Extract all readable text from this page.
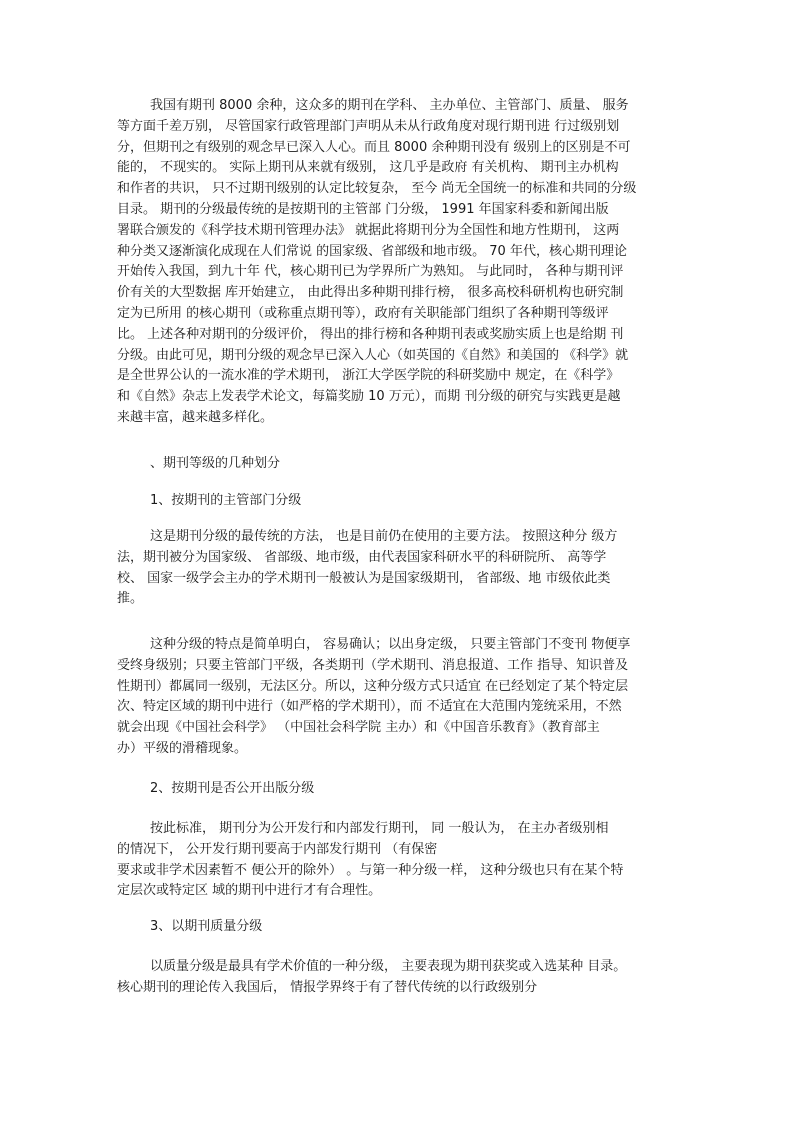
我国有期刊 8000 余种，这众多的期刊在学科、 主办单位、主管部门、质量、 服务
等方面千差万别， 尽管国家行政管理部门声明从未从行政角度对现行期刊进 行过级别划
分，但期刊之有级别的观念早已深入人心。而且 8000 余种期刊没有 级别上的区别是不可
能的， 不现实的。 实际上期刊从来就有级别， 这几乎是政府 有关机构、 期刊主办机构
和作者的共识， 只不过期刊级别的认定比较复杂， 至今 尚无全国统一的标准和共同的分级
目录。 期刊的分级最传统的是按期刊的主管部 门分级， 1991 年国家科委和新闻出版
署联合颁发的《科学技术期刊管理办法》 就据此将期刊分为全国性和地方性期刊， 这两
种分类又逐渐演化成现在人们常说 的国家级、省部级和地市级。 70 年代，核心期刊理论
开始传入我国，到九十年 代，核心期刊已为学界所广为熟知。 与此同时， 各种与期刊评
价有关的大型数据 库开始建立， 由此得出多种期刊排行榜， 很多高校科研机构也研究制
定为已所用 的核心期刊（或称重点期刊等），政府有关职能部门组织了各种期刊等级评
比。 上述各种对期刊的分级评价， 得出的排行榜和各种期刊表或奖励实质上也是给期 刊
分级。由此可见，期刊分级的观念早已深入人心（如英国的《自然》和美国的 《科学》就
是全世界公认的一流水准的学术期刊， 浙江大学医学院的科研奖励中 规定，在《科学》
和《自然》杂志上发表学术论文，每篇奖励 10 万元），而期 刊分级的研究与实践更是越
来越丰富，越来越多样化。
、期刊等级的几种划分
1、按期刊的主管部门分级
这是期刊分级的最传统的方法， 也是目前仍在使用的主要方法。 按照这种分 级方
法，期刊被分为国家级、 省部级、地市级，由代表国家科研水平的科研院所、 高等学
校、 国家一级学会主办的学术期刊一般被认为是国家级期刊， 省部级、地 市级依此类
推。
这种分级的特点是简单明白， 容易确认；以出身定级， 只要主管部门不变刊 物便享
受终身级别；只要主管部门平级，各类期刊（学术期刊、消息报道、工作 指导、知识普及
性期刊）都属同一级别，无法区分。所以，这种分级方式只适宜 在已经划定了某个特定层
次、特定区域的期刊中进行（如严格的学术期刊），而 不适宜在大范围内笼统采用，不然
就会出现《中国社会科学》 （中国社会科学院 主办）和《中国音乐教育》（教育部主
办）平级的滑稽现象。
2、按期刊是否公开出版分级
按此标准， 期刊分为公开发行和内部发行期刊， 同 一般认为， 在主办者级别相
的情况下， 公开发行期刊要高于内部发行期刊 （有保密
要求或非学术因素暂不 便公开的除外） 。与第一种分级一样， 这种分级也只有在某个特
定层次或特定区 域的期刊中进行才有合理性。
3、以期刊质量分级
以质量分级是最具有学术价值的一种分级， 主要表现为期刊获奖或入选某种 目录。
核心期刊的理论传入我国后， 情报学界终于有了替代传统的以行政级别分
